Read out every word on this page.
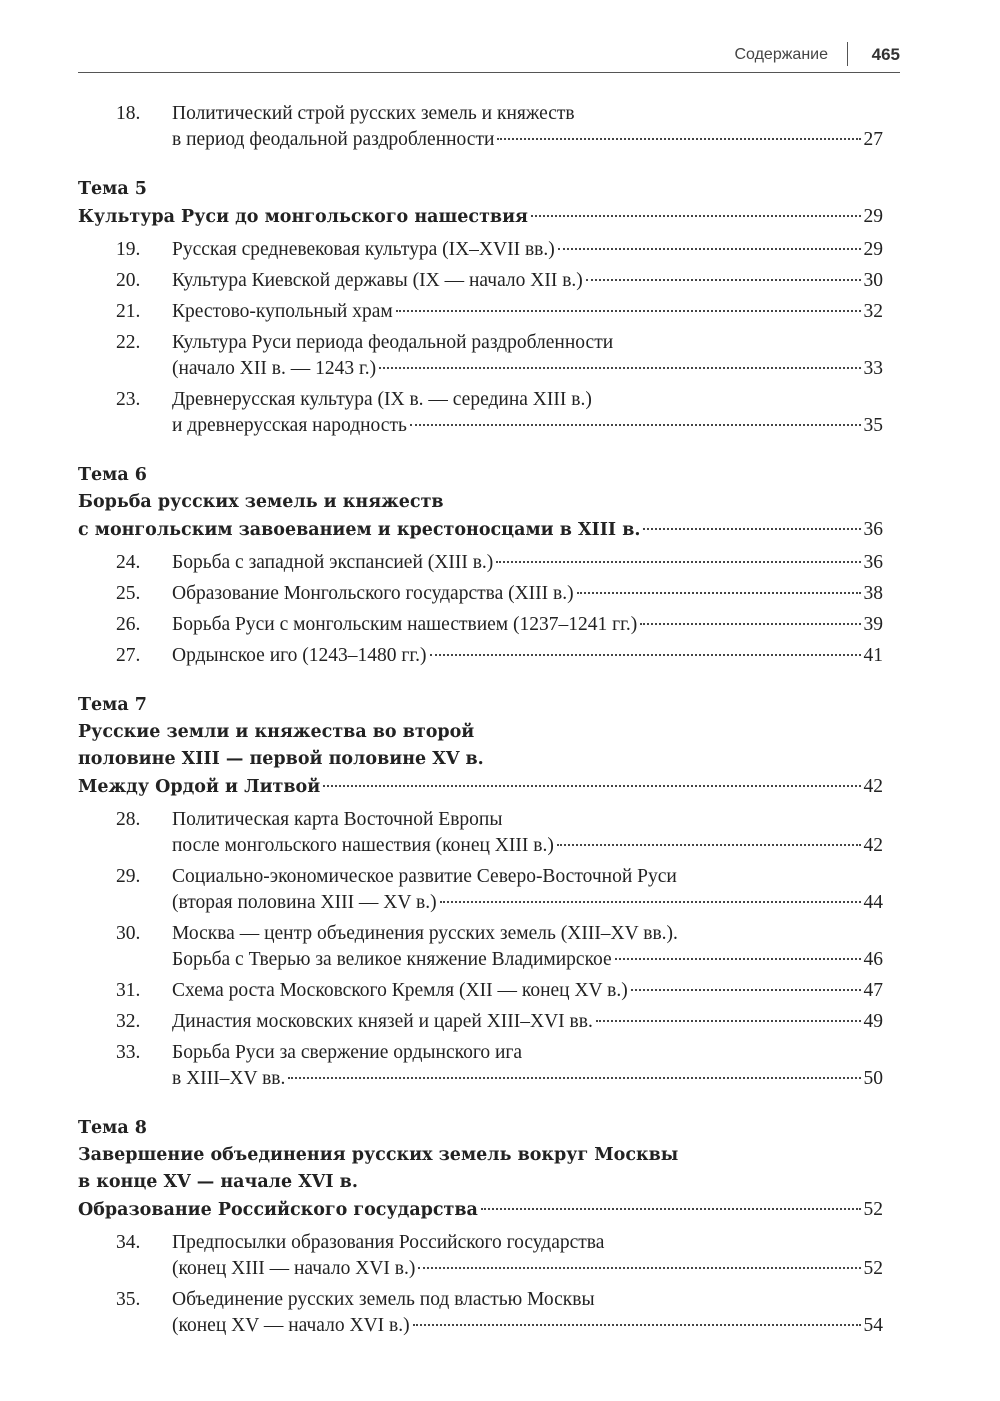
Содержание	465
18. Политический строй русских земель и княжеств
в период феодальной раздробленности	27
Тема 5
Культура Руси до монгольского нашествия	29
19. Русская средневековая культура (IX–XVII вв.)	29
20. Культура Киевской державы (IX — начало XII в.)	30
21. Крестово-купольный храм	32
22. Культура Руси периода феодальной раздробленности
(начало XII в. — 1243 г.)	33
23. Древнерусская культура (IX в. — середина XIII в.)
и древнерусская народность	35
Тема 6
Борьба русских земель и княжеств
с монгольским завоеванием и крестоносцами в XIII в.	36
24. Борьба с западной экспансией (XIII в.)	36
25. Образование Монгольского государства (XIII в.)	38
26. Борьба Руси с монгольским нашествием (1237–1241 гг.)	39
27. Ордынское иго (1243–1480 гг.)	41
Тема 7
Русские земли и княжества во второй
половине XIII — первой половине XV в.
Между Ордой и Литвой	42
28. Политическая карта Восточной Европы
после монгольского нашествия (конец XIII в.)	42
29. Социально-экономическое развитие Северо-Восточной Руси
(вторая половина XIII — XV в.)	44
30. Москва — центр объединения русских земель (XIII–XV вв.).
Борьба с Тверью за великое княжение Владимирское	46
31. Схема роста Московского Кремля (XII — конец XV в.)	47
32. Династия московских князей и царей XIII–XVI вв.	49
33. Борьба Руси за свержение ордынского ига
в XIII–XV вв.	50
Тема 8
Завершение объединения русских земель вокруг Москвы
в конце XV — начале XVI в.
Образование Российского государства	52
34. Предпосылки образования Российского государства
(конец XIII — начало XVI в.)	52
35. Объединение русских земель под властью Москвы
(конец XV — начало XVI в.)	54
